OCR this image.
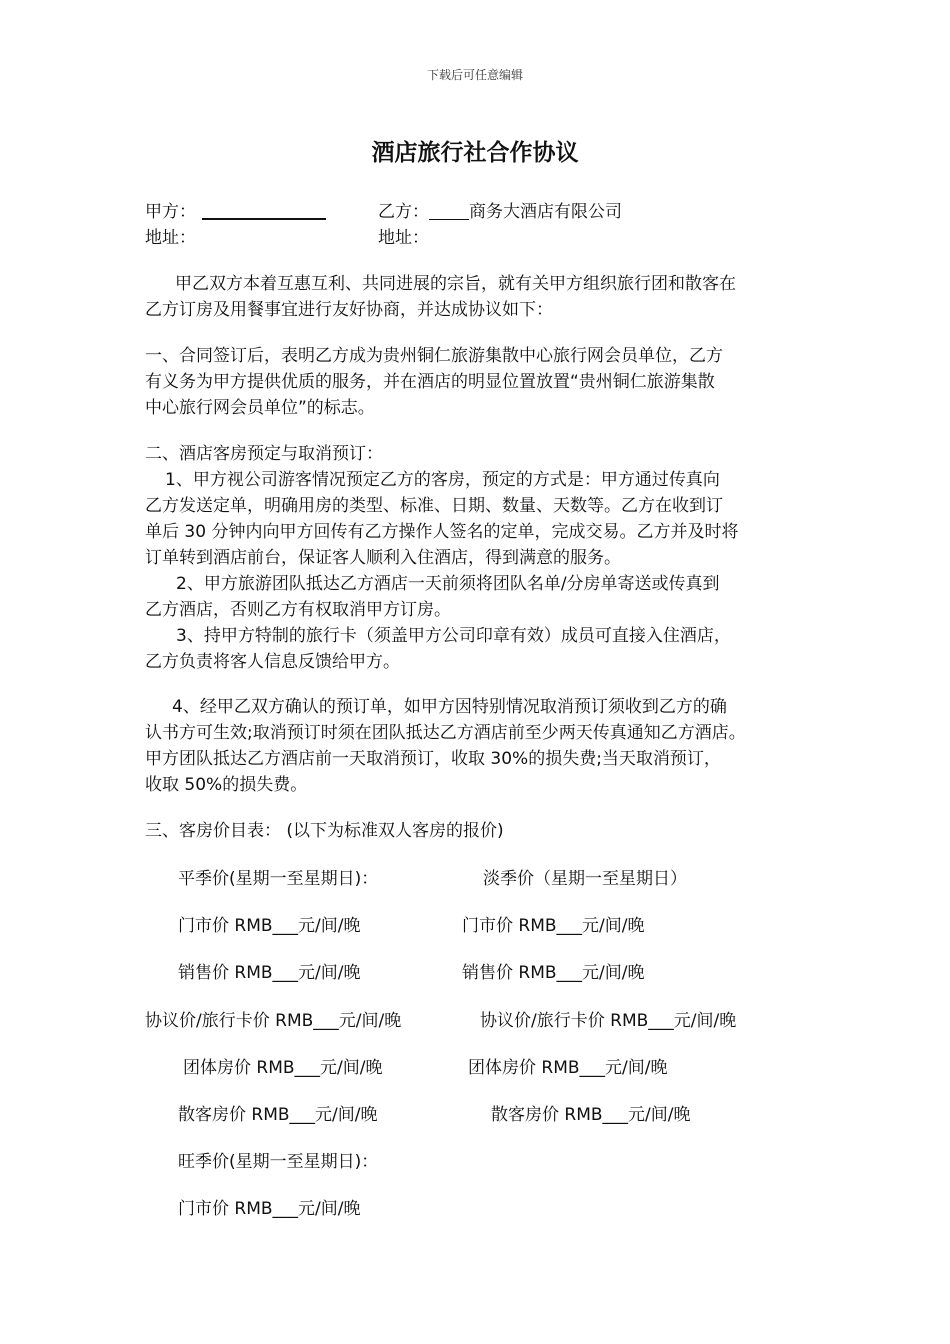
下载后可任意编辑
酒店旅行社合作协议
甲方：	乙方： 商务大酒店有限公司
地址：	地址：
甲乙双方本着互惠互利、共同进展的宗旨，就有关甲方组织旅行团和散客在
乙方订房及用餐事宜进行友好协商，并达成协议如下：
一、合同签订后，表明乙方成为贵州铜仁旅游集散中心旅行网会员单位，乙方
有义务为甲方提供优质的服务，并在酒店的明显位置放置“贵州铜仁旅游集散
中心旅行网会员单位”的标志。
二、酒店客房预定与取消预订：
1、甲方视公司游客情况预定乙方的客房，预定的方式是：甲方通过传真向
乙方发送定单，明确用房的类型、标准、日期、数量、天数等。乙方在收到订
单后 30 分钟内向甲方回传有乙方操作人签名的定单，完成交易。乙方并及时将
订单转到酒店前台，保证客人顺利入住酒店，得到满意的服务。
2、甲方旅游团队抵达乙方酒店一天前须将团队名单/分房单寄送或传真到
乙方酒店，否则乙方有权取消甲方订房。
3、持甲方特制的旅行卡（须盖甲方公司印章有效）成员可直接入住酒店，
乙方负责将客人信息反馈给甲方。
4、经甲乙双方确认的预订单，如甲方因特别情况取消预订须收到乙方的确
认书方可生效;取消预订时须在团队抵达乙方酒店前至少两天传真通知乙方酒店。
甲方团队抵达乙方酒店前一天取消预订，收取 30%的损失费;当天取消预订，
收取 50%的损失费。
三、客房价目表： (以下为标准双人客房的报价)
平季价(星期一至星期日)：	淡季价（星期一至星期日）
门市价 RMB___元/间/晚	门市价 RMB___元/间/晚
销售价 RMB___元/间/晚	销售价 RMB___元/间/晚
协议价/旅行卡价 RMB___元/间/晚	协议价/旅行卡价 RMB___元/间/晚
团体房价 RMB___元/间/晚	团体房价 RMB___元/间/晚
散客房价 RMB___元/间/晚	散客房价 RMB___元/间/晚
旺季价(星期一至星期日)：
门市价 RMB___元/间/晚
